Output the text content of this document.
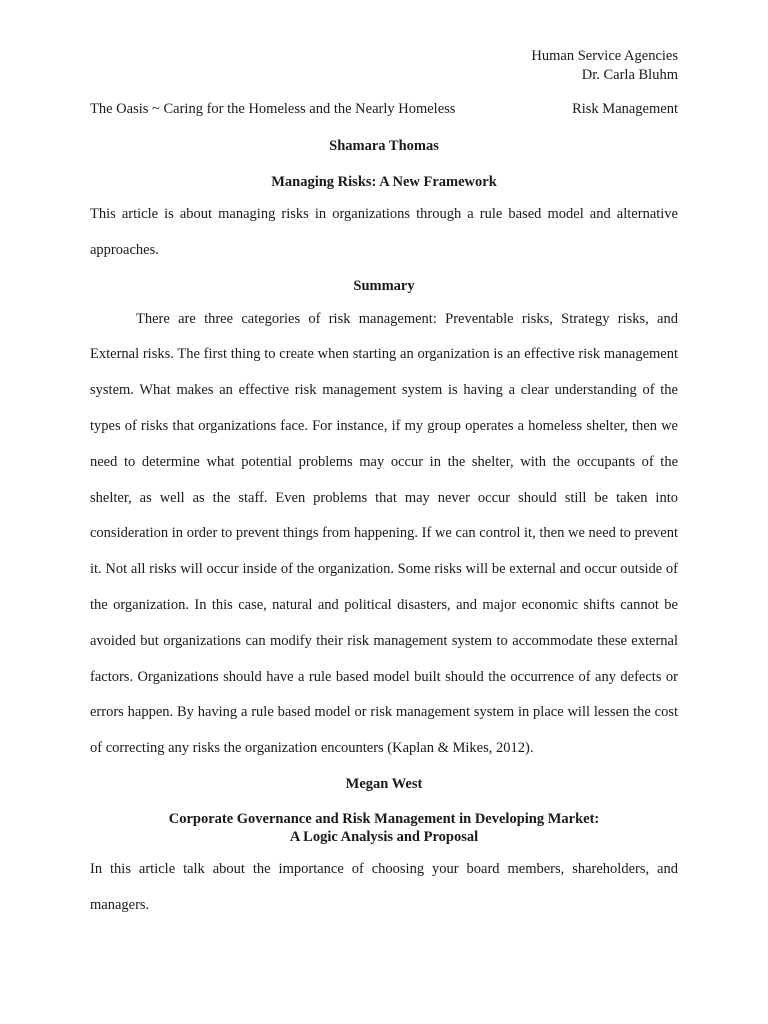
Human Service Agencies
Dr. Carla Bluhm
The Oasis ~ Caring for the Homeless and the Nearly Homeless	Risk Management

Shamara Thomas

Managing Risks: A New Framework

This article is about managing risks in organizations through a rule based model and alternative approaches.

Summary

There are three categories of risk management: Preventable risks, Strategy risks, and External risks. The first thing to create when starting an organization is an effective risk management system. What makes an effective risk management system is having a clear understanding of the types of risks that organizations face. For instance, if my group operates a homeless shelter, then we need to determine what potential problems may occur in the shelter, with the occupants of the shelter, as well as the staff. Even problems that may never occur should still be taken into consideration in order to prevent things from happening. If we can control it, then we need to prevent it. Not all risks will occur inside of the organization. Some risks will be external and occur outside of the organization. In this case, natural and political disasters, and major economic shifts cannot be avoided but organizations can modify their risk management system to accommodate these external factors. Organizations should have a rule based model built should the occurrence of any defects or errors happen. By having a rule based model or risk management system in place will lessen the cost of correcting any risks the organization encounters (Kaplan & Mikes, 2012).

Megan West

Corporate Governance and Risk Management in Developing Market:

A Logic Analysis and Proposal

In this article talk about the importance of choosing your board members, shareholders, and managers.
